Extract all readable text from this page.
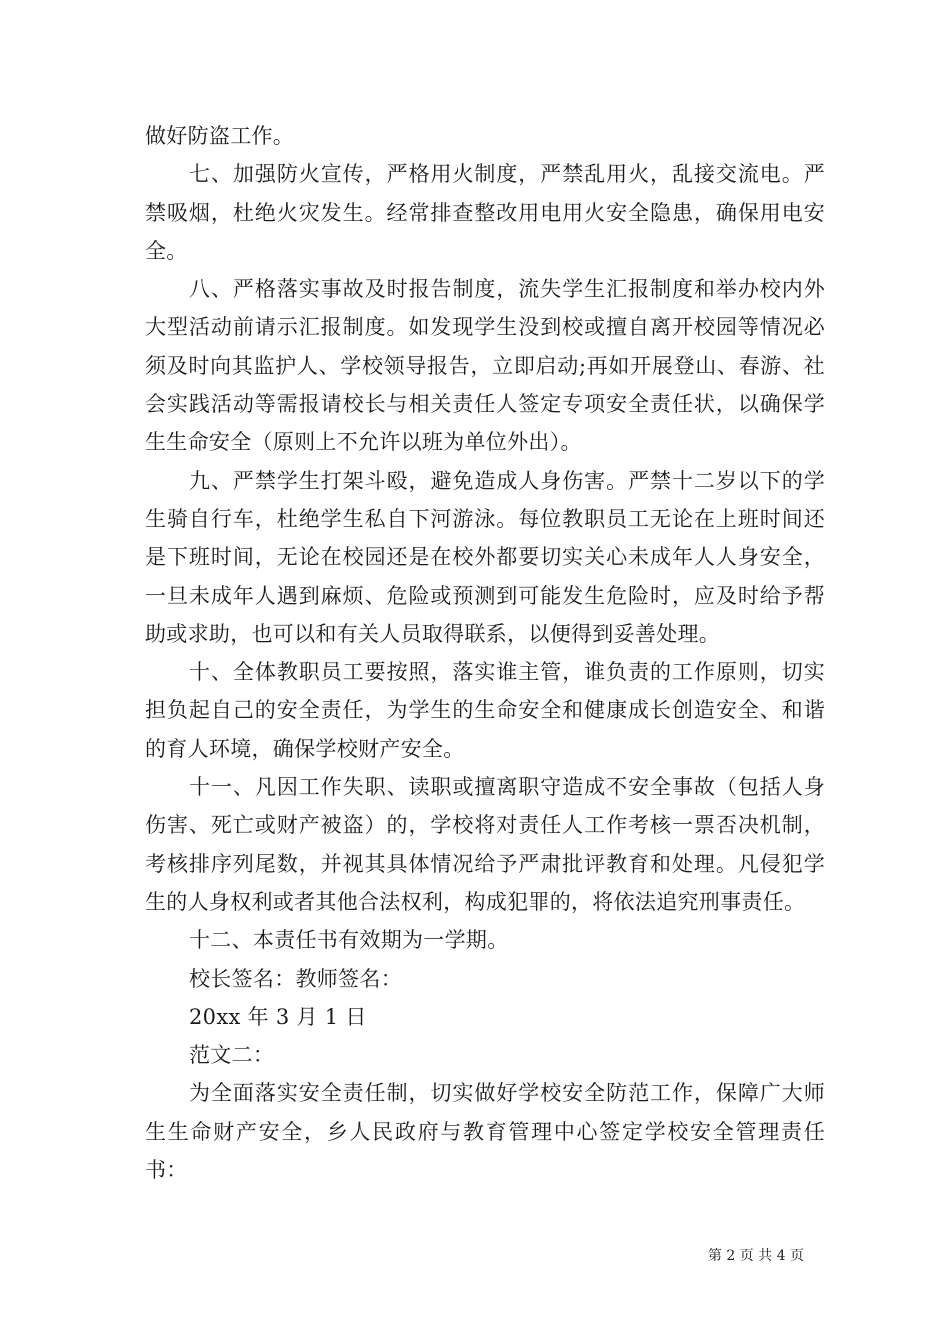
做好防盗工作。

七、加强防火宣传，严格用火制度，严禁乱用火，乱接交流电。严禁吸烟，杜绝火灾发生。经常排查整改用电用火安全隐患，确保用电安全。

八、严格落实事故及时报告制度，流失学生汇报制度和举办校内外大型活动前请示汇报制度。如发现学生没到校或擅自离开校园等情况必须及时向其监护人、学校领导报告，立即启动;再如开展登山、春游、社会实践活动等需报请校长与相关责任人签定专项安全责任状，以确保学生生命安全（原则上不允许以班为单位外出）。

九、严禁学生打架斗殴，避免造成人身伤害。严禁十二岁以下的学生骑自行车，杜绝学生私自下河游泳。每位教职员工无论在上班时间还是下班时间，无论在校园还是在校外都要切实关心未成年人人身安全，一旦未成年人遇到麻烦、危险或预测到可能发生危险时，应及时给予帮助或求助，也可以和有关人员取得联系，以便得到妥善处理。

十、全体教职员工要按照，落实谁主管，谁负责的工作原则，切实担负起自己的安全责任，为学生的生命安全和健康成长创造安全、和谐的育人环境，确保学校财产安全。

十一、凡因工作失职、读职或擅离职守造成不安全事故（包括人身伤害、死亡或财产被盗）的，学校将对责任人工作考核一票否决机制，考核排序列尾数，并视其具体情况给予严肃批评教育和处理。凡侵犯学生的人身权利或者其他合法权利，构成犯罪的，将依法追究刑事责任。

十二、本责任书有效期为一学期。

校长签名：教师签名：

20xx 年 3 月 1 日

范文二：

为全面落实安全责任制，切实做好学校安全防范工作，保障广大师生生命财产安全，乡人民政府与教育管理中心签定学校安全管理责任书：

第 2 页 共 4 页
